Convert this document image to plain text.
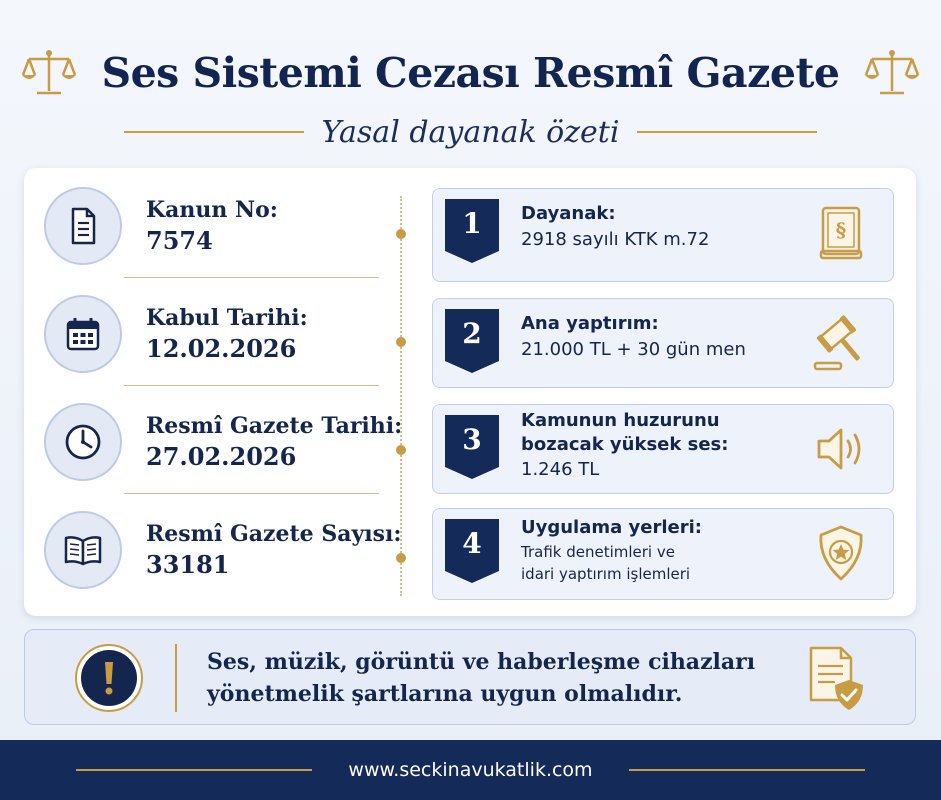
Ses Sistemi Cezası Resmî Gazete
Yasal dayanak özeti
Kanun No:
7574
Kabul Tarihi:
12.02.2026
Resmî Gazete Tarihi:
27.02.2026
Resmî Gazete Sayısı:
33181
1	Dayanak:
2918 sayılı KTK m.72	§
2	Ana yaptırım:
21.000 TL + 30 gün men
3
Kamunun huzurunu
bozacak yüksek ses:
1.246 TL
4	Uygulama yerleri:
Trafik denetimleri ve
idari yaptırım işlemleri
Ses, müzik, görüntü ve haberleşme cihazları
yönetmelik şartlarına uygun olmalıdır.
www.seckinavukatlik.com
